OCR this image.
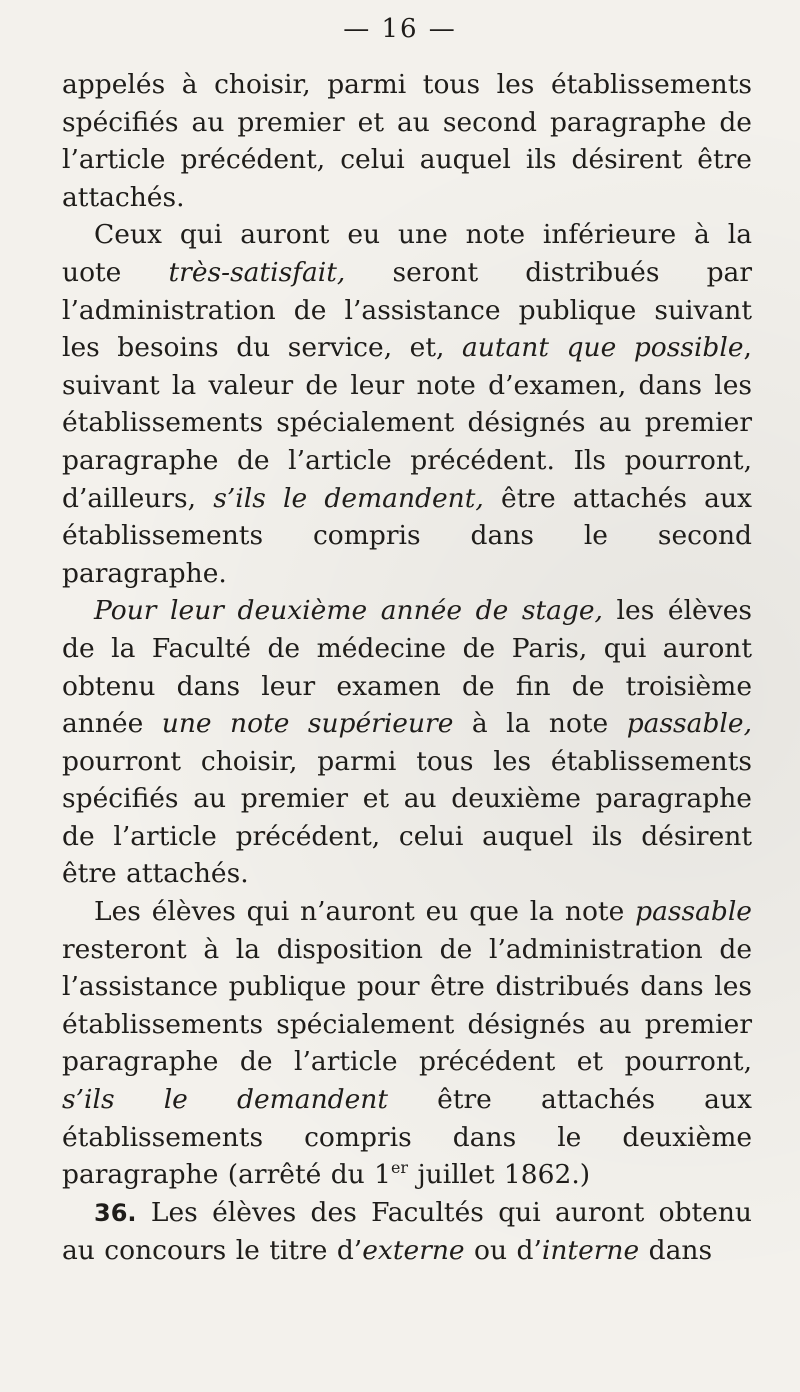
— 16 —

appelés à choisir, parmi tous les établissements spécifiés au premier et au second paragraphe de l’article précédent, celui auquel ils désirent être attachés.

Ceux qui auront eu une note inférieure à la uote très-satisfait, seront distribués par l’administration de l’assistance publique suivant les besoins du service, et, autant que possible, suivant la valeur de leur note d’examen, dans les établissements spécialement désignés au premier paragraphe de l’article précédent. Ils pourront, d’ailleurs, s’ils le demandent, être attachés aux établissements compris dans le second paragraphe.

Pour leur deuxième année de stage, les élèves de la Faculté de médecine de Paris, qui auront obtenu dans leur examen de fin de troisième année une note supérieure à la note passable, pourront choisir, parmi tous les établissements spécifiés au premier et au deuxième paragraphe de l’article précédent, celui auquel ils désirent être attachés.

Les élèves qui n’auront eu que la note passable resteront à la disposition de l’administration de l’assistance publique pour être distribués dans les établissements spécialement désignés au premier paragraphe de l’article précédent et pourront, s’ils le demandent être attachés aux établissements compris dans le deuxième paragraphe (arrêté du 1er juillet 1862.)

36. Les élèves des Facultés qui auront obtenu au concours le titre d’externe ou d’interne dans
